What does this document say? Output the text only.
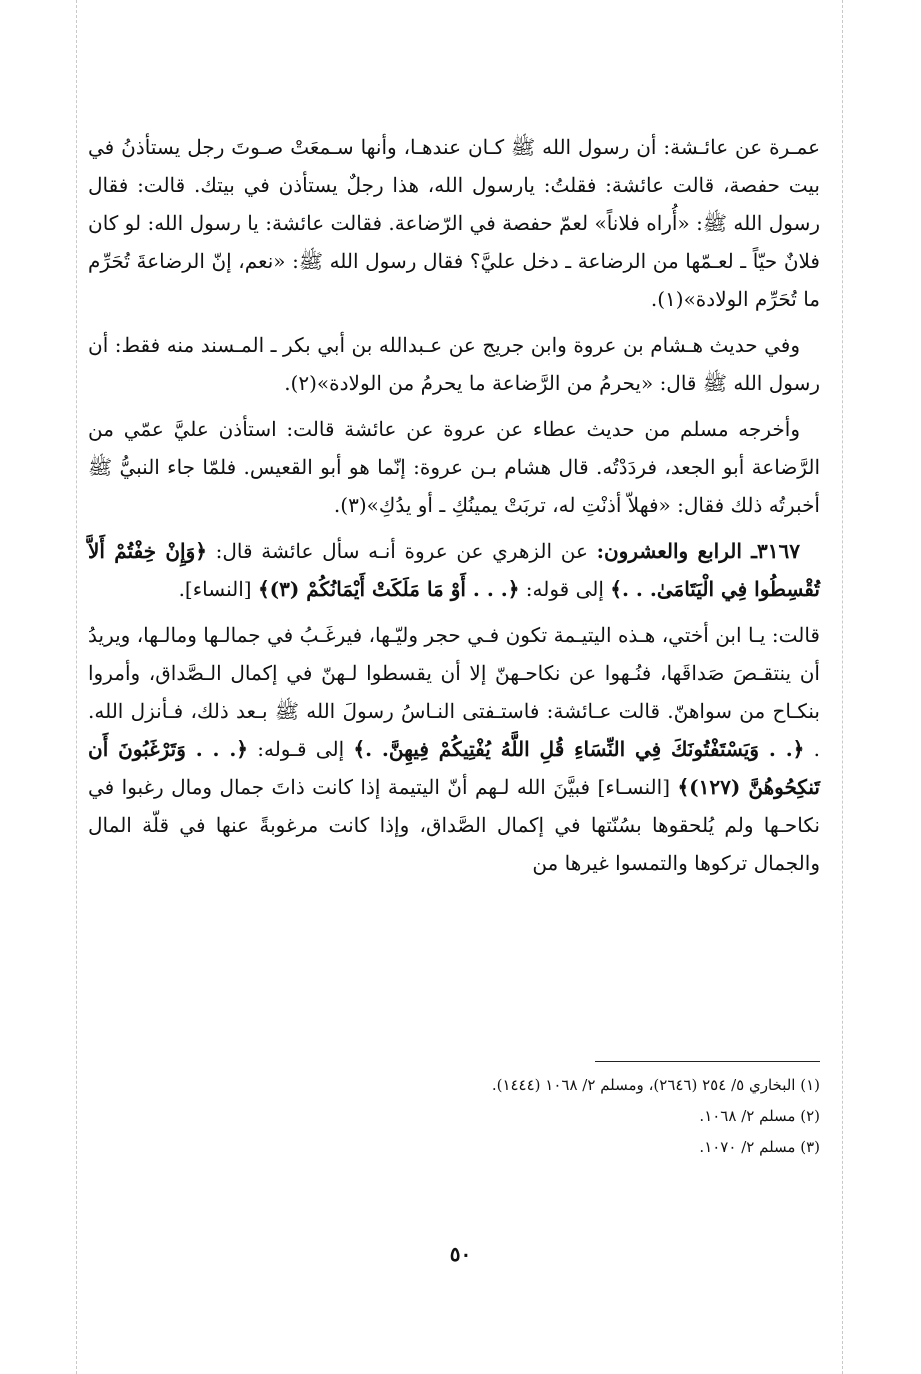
عمـرة عن عائـشة: أن رسول الله ﷺ كـان عندهـا، وأنها سـمعَتْ صـوتَ رجل يستأذنُ في بيت حفصة، قالت عائشة: فقلتُ: يارسول الله، هذا رجلٌ يستأذن في بيتك. قالت: فقال رسول الله ﷺ: «أُراه فلاناً» لعمّ حفصة في الرّضاعة. فقالت عائشة: يا رسول الله: لو كان فلانٌ حيّاً ـ لعـمّها من الرضاعة ـ دخل عليَّ؟ فقال رسول الله ﷺ: «نعم، إنّ الرضاعةَ تُحَرِّم ما تُحَرِّم الولادة»(١).

وفي حديث هـشام بن عروة وابن جريج عن عـبدالله بن أبي بكر ـ المـسند منه فقط: أن رسول الله ﷺ قال: «يحرمُ من الرَّضاعة ما يحرمُ من الولادة»(٢).

وأخرجه مسلم من حديث عطاء عن عروة عن عائشة قالت: استأذن عليَّ عمّي من الرَّضاعة أبو الجعد، فردَدْتُه. قال هشام بـن عروة: إنّما هو أبو القعيس. فلمّا جاء النبيُّ ﷺ أخبرتُه ذلك فقال: «فهلاّ أذنْتِ له، تربَتْ يمينُكِ ـ أو يدُكِ»(٣).

٣١٦٧ـ الرابع والعشرون: عن الزهري عن عروة أنـه سأل عائشة قال: ﴿وَإِنْ خِفْتُمْ أَلاَّ تُقْسِطُوا فِي الْيَتَامَىٰ. . .﴾ إلى قوله: ﴿. . . أَوْ مَا مَلَكَتْ أَيْمَانُكُمْ (٣)﴾ [النساء].

قالت: يـا ابن أختي، هـذه اليتيـمة تكون فـي حجر وليّـها، فيرغَـبُ في جمالـها ومالـها، ويريدُ أن ينتقـصَ صَداقَها، فنُـهوا عن نكاحـهنّ إلا أن يقسطوا لـهنّ في إكمال الـصَّداق، وأمروا بنكـاح من سواهنّ. قالت عـائشة: فاستـفتى النـاسُ رسولَ الله ﷺ بـعد ذلك، فـأنزل الله. . ﴿. . وَيَسْتَفْتُونَكَ فِي النِّسَاءِ قُلِ اللَّهُ يُفْتِيكُمْ فِيهِنَّ. .﴾ إلى قـوله: ﴿. . . وَتَرْغَبُونَ أَن تَنكِحُوهُنَّ (١٢٧)﴾ [النسـاء] فبيَّنَ الله لـهم أنّ اليتيمة إذا كانت ذاتَ جمال ومال رغبوا في نكاحـها ولم يُلحقوها بسُنّتها في إكمال الصَّداق، وإذا كانت مرغوبةً عنها في قلّة المال والجمال تركوها والتمسوا غيرها من

(١) البخاري ٥/ ٢٥٤ (٢٦٤٦)، ومسلم ٢/ ١٠٦٨ (١٤٤٤).

(٢) مسلم ٢/ ١٠٦٨.

(٣) مسلم ٢/ ١٠٧٠.

٥٠
